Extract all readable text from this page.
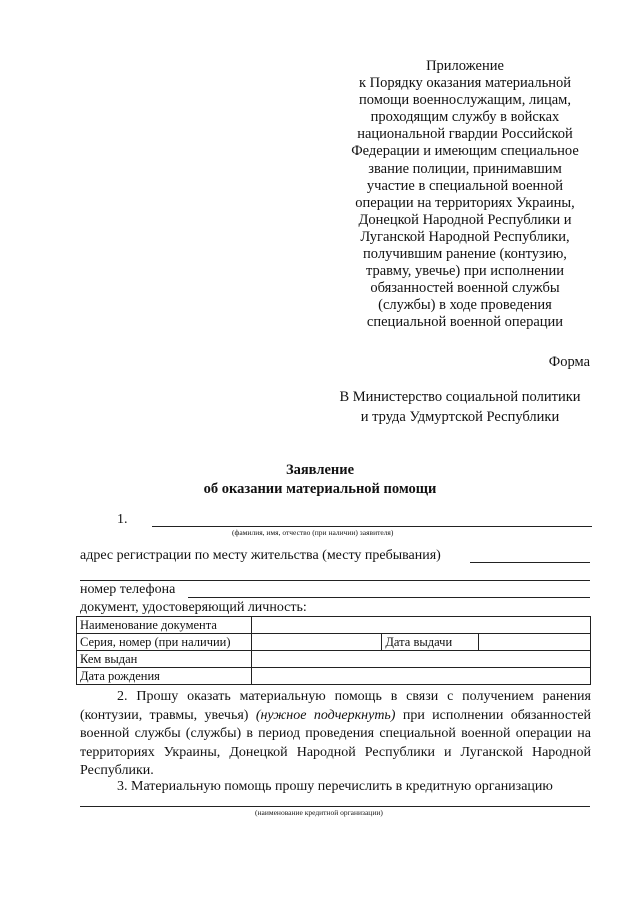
Приложение
к Порядку оказания материальной
помощи военнослужащим, лицам,
проходящим службу в войсках
национальной гвардии Российской
Федерации и имеющим специальное
звание полиции, принимавшим
участие в специальной военной
операции на территориях Украины,
Донецкой Народной Республики и
Луганской Народной Республики,
получившим ранение (контузию,
травму, увечье) при исполнении
обязанностей военной службы
(службы) в ходе проведения
специальной военной операции
Форма
В Министерство социальной политики
и труда Удмуртской Республики
Заявление
об оказании материальной помощи
1.
(фамилия, имя, отчество (при наличии) заявителя)
адрес регистрации по месту жительства (месту пребывания)
номер телефона
документ, удостоверяющий личность:
Наименование документа			
Серия, номер (при наличии)		Дата выдачи	
Кем выдан			
Дата рождения			
2. Прошу оказать материальную помощь в связи с получением ранения (контузии, травмы, увечья) (нужное подчеркнуть) при исполнении обязанностей военной службы (службы) в период проведения специальной военной операции на территориях Украины, Донецкой Народной Республики и Луганской Народной Республики.
3. Материальную помощь прошу перечислить в кредитную организацию
(наименование кредитной организации)
